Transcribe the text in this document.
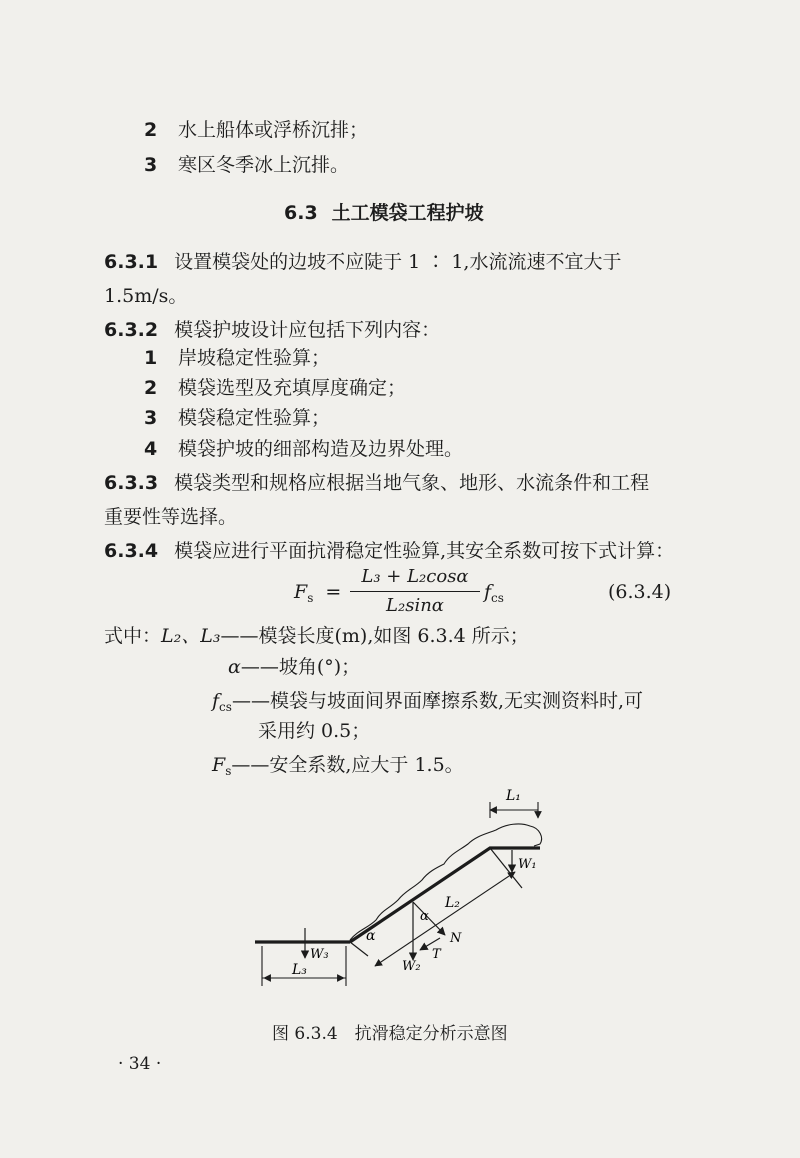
2 水上船体或浮桥沉排；
3 寒区冬季冰上沉排。
6.3 土工模袋工程护坡
6.3.1 设置模袋处的边坡不应陡于 1 ∶ 1,水流流速不宜大于
1.5m/s。
6.3.2 模袋护坡设计应包括下列内容：
1 岸坡稳定性验算；
2 模袋选型及充填厚度确定；
3 模袋稳定性验算；
4 模袋护坡的细部构造及边界处理。
6.3.3 模袋类型和规格应根据当地气象、地形、水流条件和工程
重要性等选择。
6.3.4 模袋应进行平面抗滑稳定性验算,其安全系数可按下式计算：
$F_s$ =
L₃ + L₂cosα
L₂sinα
$f_{cs}$	(6.3.4)
式中：L₂、L₃——模袋长度(m),如图 6.3.4 所示；
α——坡角(°)；
$f_{cs}——$模袋与坡面间界面摩擦系数,无实测资料时,可
采用约 0.5；
$F_s——$安全系数,应大于 1.5。
L₁
W₁
L₂
α
N
T
W₂
α
W₃
L₃
图 6.3.4　抗滑稳定分析示意图
· 34 ·
